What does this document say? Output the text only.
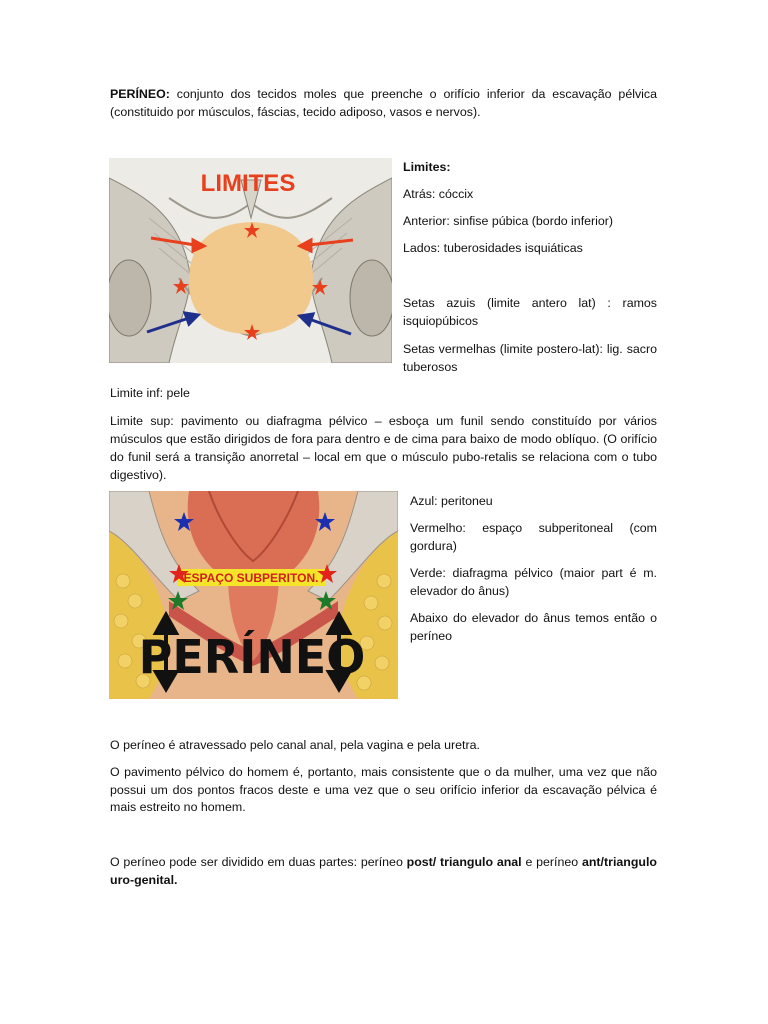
PERÍNEO: conjunto dos tecidos moles que preenche o orifício inferior da escavação pélvica (constituido por músculos, fáscias, tecido adiposo, vasos e nervos).
LIMITES

Limites:

Atrás: cóccix

Anterior: sinfise púbica (bordo inferior)

Lados: tuberosidades isquiáticas

Setas azuis (limite antero lat) : ramos isquiopúbicos

Setas vermelhas (limite postero-lat): lig. sacro tuberosos

Limite inf: pele
Limite sup: pavimento ou diafragma pélvico – esboça um funil sendo constituído por vários músculos que estão dirigidos de fora para dentro e de cima para baixo de modo oblíquo. (O orifício do funil será a transição anorretal – local em que o músculo pubo-retalis se relaciona com o tubo digestivo).
ESPAÇO SUBPERITON.
PERÍNEO

Azul: peritoneu

Vermelho: espaço subperitoneal (com gordura)

Verde: diafragma pélvico (maior part é m. elevador do ânus)

Abaixo do elevador do ânus temos então o períneo

O períneo é atravessado pelo canal anal, pela vagina e pela uretra.
O pavimento pélvico do homem é, portanto, mais consistente que o da mulher, uma vez que não possui um dos pontos fracos deste e uma vez que o seu orifício inferior da escavação pélvica é mais estreito no homem.
O períneo pode ser dividido em duas partes: períneo post/ triangulo anal e períneo ant/triangulo uro-genital.
